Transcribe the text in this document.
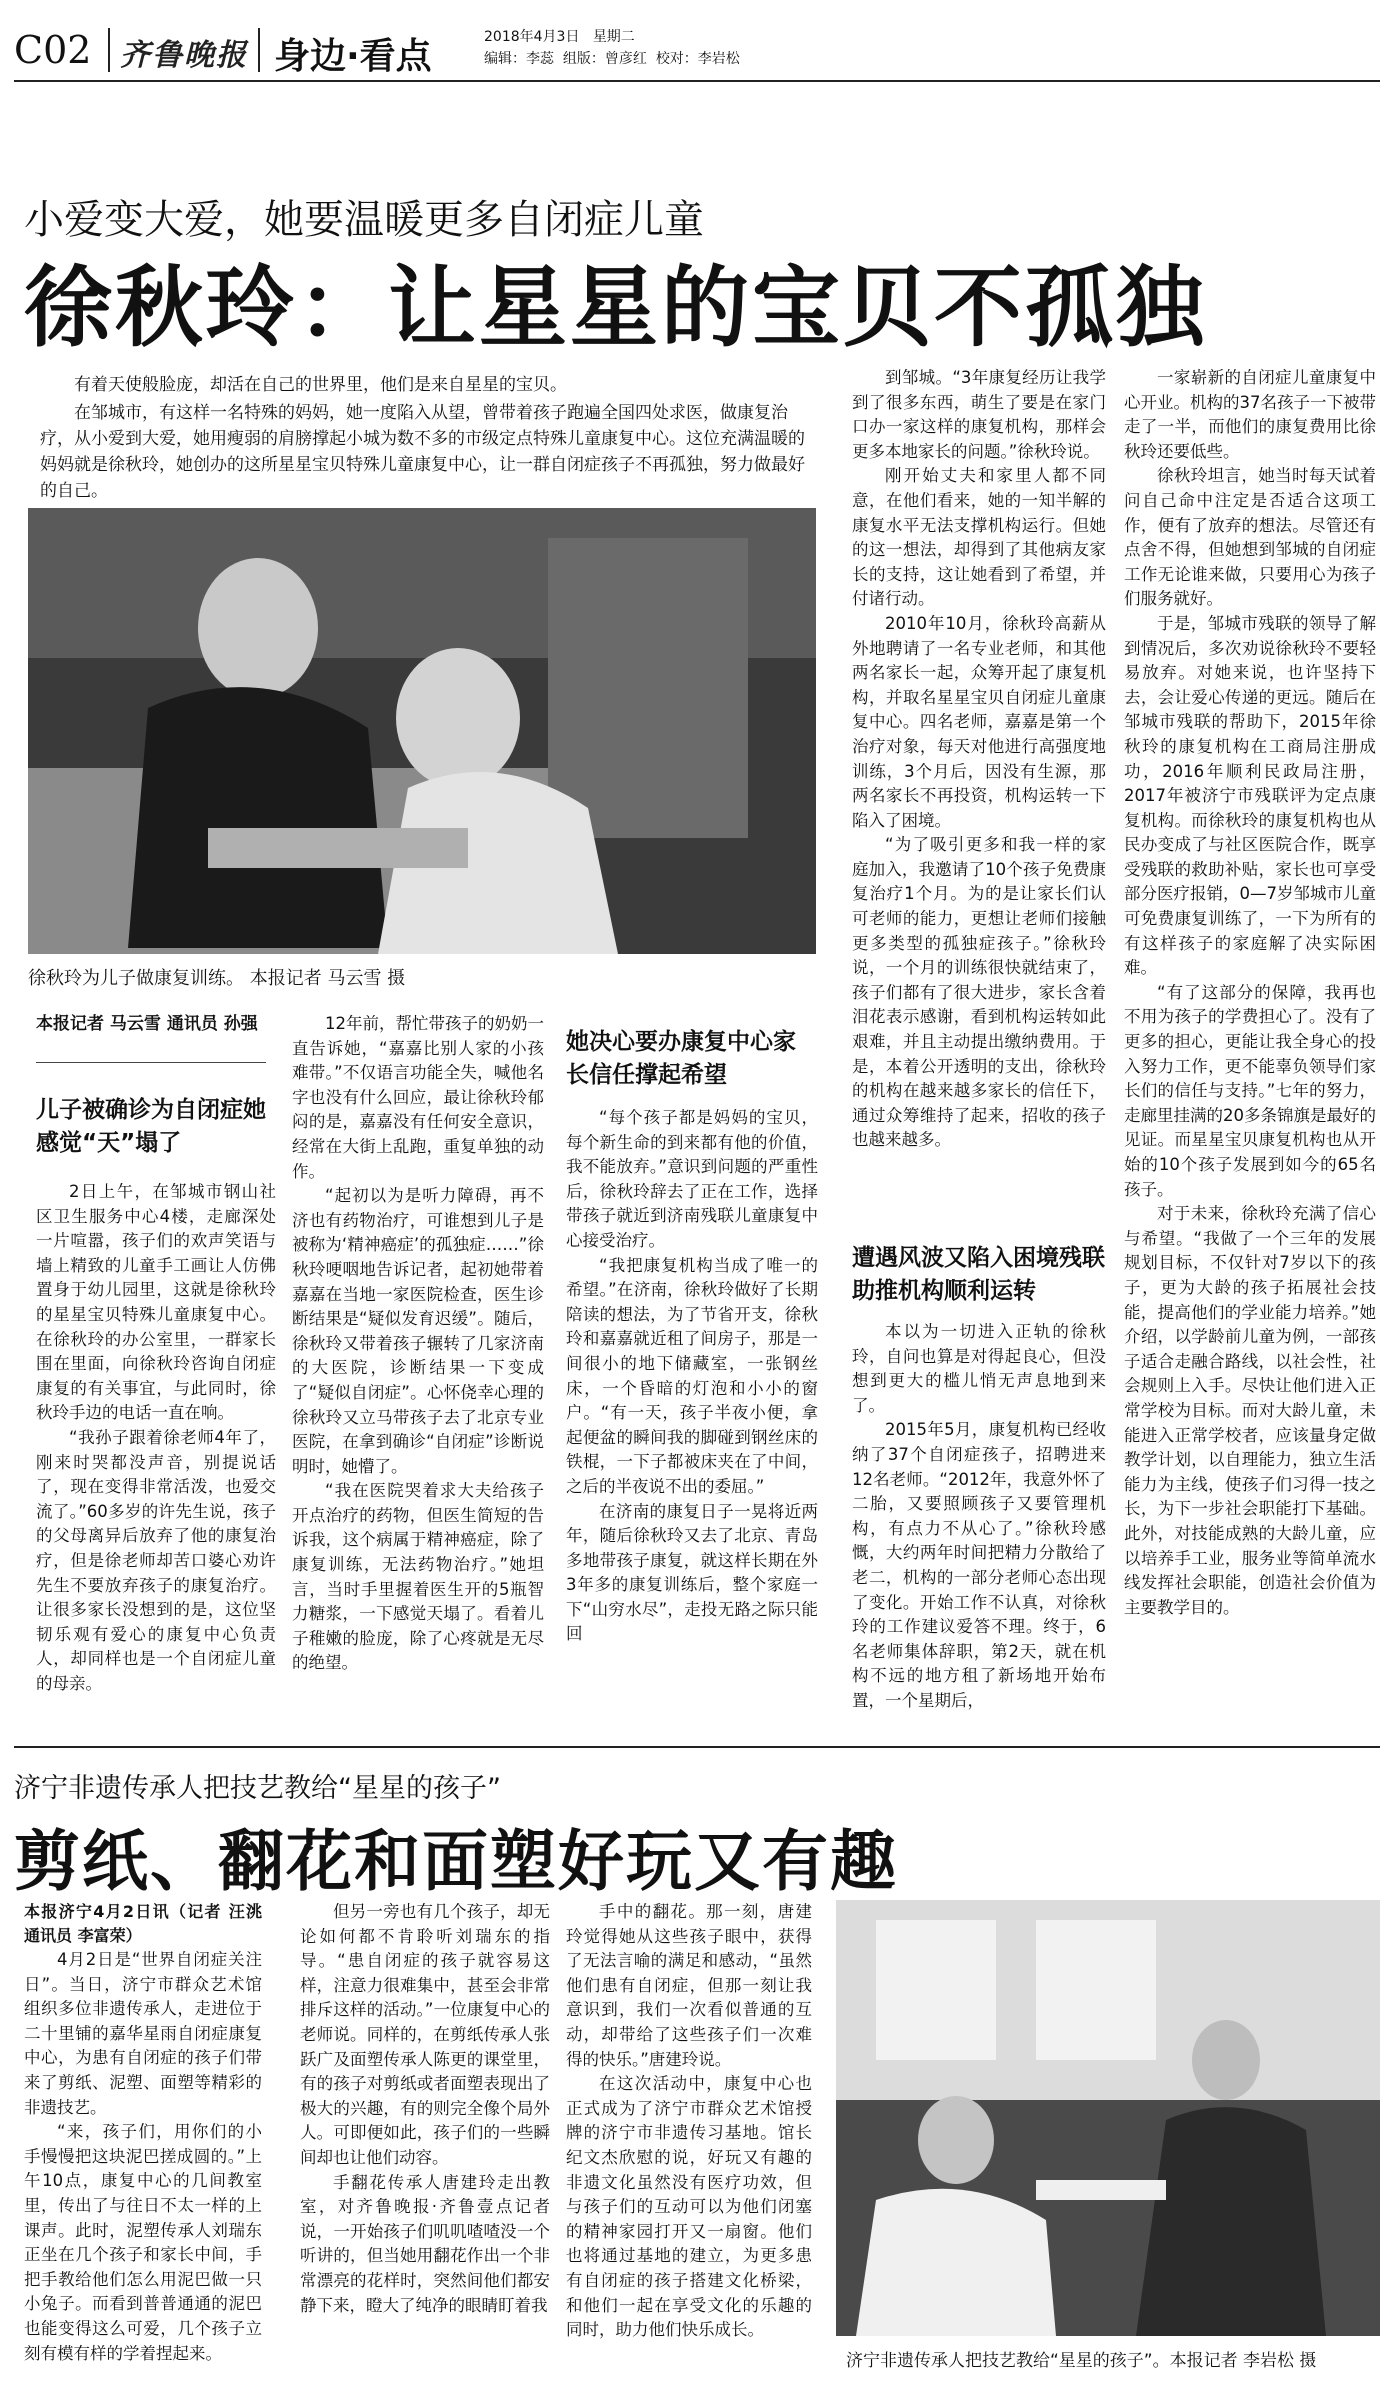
C02 齐鲁晚报 身边·看点	2018年4月3日 星期二
编辑：李蕊 组版：曾彦红 校对：李岩松
小爱变大爱，她要温暖更多自闭症儿童
徐秋玲：让星星的宝贝不孤独

有着天使般脸庞，却活在自己的世界里，他们是来自星星的宝贝。

在邹城市，有这样一名特殊的妈妈，她一度陷入从望，曾带着孩子跑遍全国四处求医，做康复治疗，从小爱到大爱，她用瘦弱的肩膀撑起小城为数不多的市级定点特殊儿童康复中心。这位充满温暖的妈妈就是徐秋玲，她创办的这所星星宝贝特殊儿童康复中心，让一群自闭症孩子不再孤独，努力做最好的自己。

徐秋玲为儿子做康复训练。 本报记者 马云雪 摄
本报记者 马云雪 通讯员 孙强
儿子被确诊为自闭症她感觉“天”塌了

2日上午，在邹城市钢山社区卫生服务中心4楼，走廊深处一片喧嚣，孩子们的欢声笑语与墙上精致的儿童手工画让人仿佛置身于幼儿园里，这就是徐秋玲的星星宝贝特殊儿童康复中心。在徐秋玲的办公室里，一群家长围在里面，向徐秋玲咨询自闭症康复的有关事宜，与此同时，徐秋玲手边的电话一直在响。

“我孙子跟着徐老师4年了，刚来时哭都没声音，别提说话了，现在变得非常活泼，也爱交流了。”60多岁的许先生说，孩子的父母离异后放弃了他的康复治疗，但是徐老师却苦口婆心劝许先生不要放弃孩子的康复治疗。让很多家长没想到的是，这位坚韧乐观有爱心的康复中心负责人，却同样也是一个自闭症儿童的母亲。

12年前，帮忙带孩子的奶奶一直告诉她，“嘉嘉比别人家的小孩难带。”不仅语言功能全失，喊他名字也没有什么回应，最让徐秋玲郁闷的是，嘉嘉没有任何安全意识，经常在大街上乱跑，重复单独的动作。

“起初以为是听力障碍，再不济也有药物治疗，可谁想到儿子是被称为‘精神癌症’的孤独症……”徐秋玲哽咽地告诉记者，起初她带着嘉嘉在当地一家医院检查，医生诊断结果是“疑似发育迟缓”。随后，徐秋玲又带着孩子辗转了几家济南的大医院，诊断结果一下变成了“疑似自闭症”。心怀侥幸心理的徐秋玲又立马带孩子去了北京专业医院，在拿到确诊“自闭症”诊断说明时，她懵了。

“我在医院哭着求大夫给孩子开点治疗的药物，但医生简短的告诉我，这个病属于精神癌症，除了康复训练，无法药物治疗。”她坦言，当时手里握着医生开的5瓶智力糖浆，一下感觉天塌了。看着儿子稚嫩的脸庞，除了心疼就是无尽的绝望。

她决心要办康复中心家长信任撑起希望

“每个孩子都是妈妈的宝贝，每个新生命的到来都有他的价值，我不能放弃。”意识到问题的严重性后，徐秋玲辞去了正在工作，选择带孩子就近到济南残联儿童康复中心接受治疗。

“我把康复机构当成了唯一的希望。”在济南，徐秋玲做好了长期陪读的想法，为了节省开支，徐秋玲和嘉嘉就近租了间房子，那是一间很小的地下储藏室，一张钢丝床，一个昏暗的灯泡和小小的窗户。“有一天，孩子半夜小便，拿起便盆的瞬间我的脚碰到钢丝床的铁棍，一下子都被床夹在了中间，之后的半夜说不出的委屈。”

在济南的康复日子一晃将近两年，随后徐秋玲又去了北京、青岛多地带孩子康复，就这样长期在外3年多的康复训练后，整个家庭一下“山穷水尽”，走投无路之际只能回

到邹城。“3年康复经历让我学到了很多东西，萌生了要是在家门口办一家这样的康复机构，那样会更多本地家长的问题。”徐秋玲说。

刚开始丈夫和家里人都不同意，在他们看来，她的一知半解的康复水平无法支撑机构运行。但她的这一想法，却得到了其他病友家长的支持，这让她看到了希望，并付诸行动。

2010年10月，徐秋玲高薪从外地聘请了一名专业老师，和其他两名家长一起，众筹开起了康复机构，并取名星星宝贝自闭症儿童康复中心。四名老师，嘉嘉是第一个治疗对象，每天对他进行高强度地训练，3个月后，因没有生源，那两名家长不再投资，机构运转一下陷入了困境。

“为了吸引更多和我一样的家庭加入，我邀请了10个孩子免费康复治疗1个月。为的是让家长们认可老师的能力，更想让老师们接触更多类型的孤独症孩子。”徐秋玲说，一个月的训练很快就结束了，孩子们都有了很大进步，家长含着泪花表示感谢，看到机构运转如此艰难，并且主动提出缴纳费用。于是，本着公开透明的支出，徐秋玲的机构在越来越多家长的信任下，通过众筹维持了起来，招收的孩子也越来越多。

遭遇风波又陷入困境残联助推机构顺利运转

本以为一切进入正轨的徐秋玲，自问也算是对得起良心，但没想到更大的槛儿悄无声息地到来了。

2015年5月，康复机构已经收纳了37个自闭症孩子，招聘进来12名老师。“2012年，我意外怀了二胎，又要照顾孩子又要管理机构，有点力不从心了。”徐秋玲感慨，大约两年时间把精力分散给了老二，机构的一部分老师心态出现了变化。开始工作不认真，对徐秋玲的工作建议爱答不理。终于，6名老师集体辞职，第2天，就在机构不远的地方租了新场地开始布置，一个星期后，

一家崭新的自闭症儿童康复中心开业。机构的37名孩子一下被带走了一半，而他们的康复费用比徐秋玲还要低些。

徐秋玲坦言，她当时每天试着问自己命中注定是否适合这项工作，便有了放弃的想法。尽管还有点舍不得，但她想到邹城的自闭症工作无论谁来做，只要用心为孩子们服务就好。

于是，邹城市残联的领导了解到情况后，多次劝说徐秋玲不要轻易放弃。对她来说，也许坚持下去，会让爱心传递的更远。随后在邹城市残联的帮助下，2015年徐秋玲的康复机构在工商局注册成功，2016年顺利民政局注册，2017年被济宁市残联评为定点康复机构。而徐秋玲的康复机构也从民办变成了与社区医院合作，既享受残联的救助补贴，家长也可享受部分医疗报销，0—7岁邹城市儿童可免费康复训练了，一下为所有的有这样孩子的家庭解了决实际困难。

“有了这部分的保障，我再也不用为孩子的学费担心了。没有了更多的担心，更能让我全身心的投入努力工作，更不能辜负领导们家长们的信任与支持。”七年的努力，走廊里挂满的20多条锦旗是最好的见证。而星星宝贝康复机构也从开始的10个孩子发展到如今的65名孩子。

对于未来，徐秋玲充满了信心与希望。“我做了一个三年的发展规划目标，不仅针对7岁以下的孩子，更为大龄的孩子拓展社会技能，提高他们的学业能力培养。”她介绍，以学龄前儿童为例，一部孩子适合走融合路线，以社会性，社会规则上入手。尽快让他们进入正常学校为目标。而对大龄儿童，未能进入正常学校者，应该量身定做教学计划，以自理能力，独立生活能力为主线，使孩子们习得一技之长，为下一步社会职能打下基础。此外，对技能成熟的大龄儿童，应以培养手工业，服务业等简单流水线发挥社会职能，创造社会价值为主要教学目的。

济宁非遗传承人把技艺教给“星星的孩子”
剪纸、翻花和面塑好玩又有趣
本报济宁4月2日讯（记者 汪洮 通讯员 李富荣）

4月2日是“世界自闭症关注日”。当日，济宁市群众艺术馆组织多位非遗传承人，走进位于二十里铺的嘉华星雨自闭症康复中心，为患有自闭症的孩子们带来了剪纸、泥塑、面塑等精彩的非遗技艺。

“来，孩子们，用你们的小手慢慢把这块泥巴搓成圆的。”上午10点，康复中心的几间教室里，传出了与往日不太一样的上课声。此时，泥塑传承人刘瑞东正坐在几个孩子和家长中间，手把手教给他们怎么用泥巴做一只小兔子。而看到普普通通的泥巴也能变得这么可爱，几个孩子立刻有模有样的学着捏起来。

但另一旁也有几个孩子，却无论如何都不肯聆听刘瑞东的指导。“患自闭症的孩子就容易这样，注意力很难集中，甚至会非常排斥这样的活动。”一位康复中心的老师说。同样的，在剪纸传承人张跃广及面塑传承人陈更的课堂里，有的孩子对剪纸或者面塑表现出了极大的兴趣，有的则完全像个局外人。可即便如此，孩子们的一些瞬间却也让他们动容。

手翻花传承人唐建玲走出教室，对齐鲁晚报·齐鲁壹点记者说，一开始孩子们叽叽喳喳没一个听讲的，但当她用翻花作出一个非常漂亮的花样时，突然间他们都安静下来，瞪大了纯净的眼睛盯着我

手中的翻花。那一刻，唐建玲觉得她从这些孩子眼中，获得了无法言喻的满足和感动，“虽然他们患有自闭症，但那一刻让我意识到，我们一次看似普通的互动，却带给了这些孩子们一次难得的快乐。”唐建玲说。

在这次活动中，康复中心也正式成为了济宁市群众艺术馆授牌的济宁市非遗传习基地。馆长纪文杰欣慰的说，好玩又有趣的非遗文化虽然没有医疗功效，但与孩子们的互动可以为他们闭塞的精神家园打开又一扇窗。他们也将通过基地的建立，为更多患有自闭症的孩子搭建文化桥梁，和他们一起在享受文化的乐趣的同时，助力他们快乐成长。

济宁非遗传承人把技艺教给“星星的孩子”。本报记者 李岩松 摄
